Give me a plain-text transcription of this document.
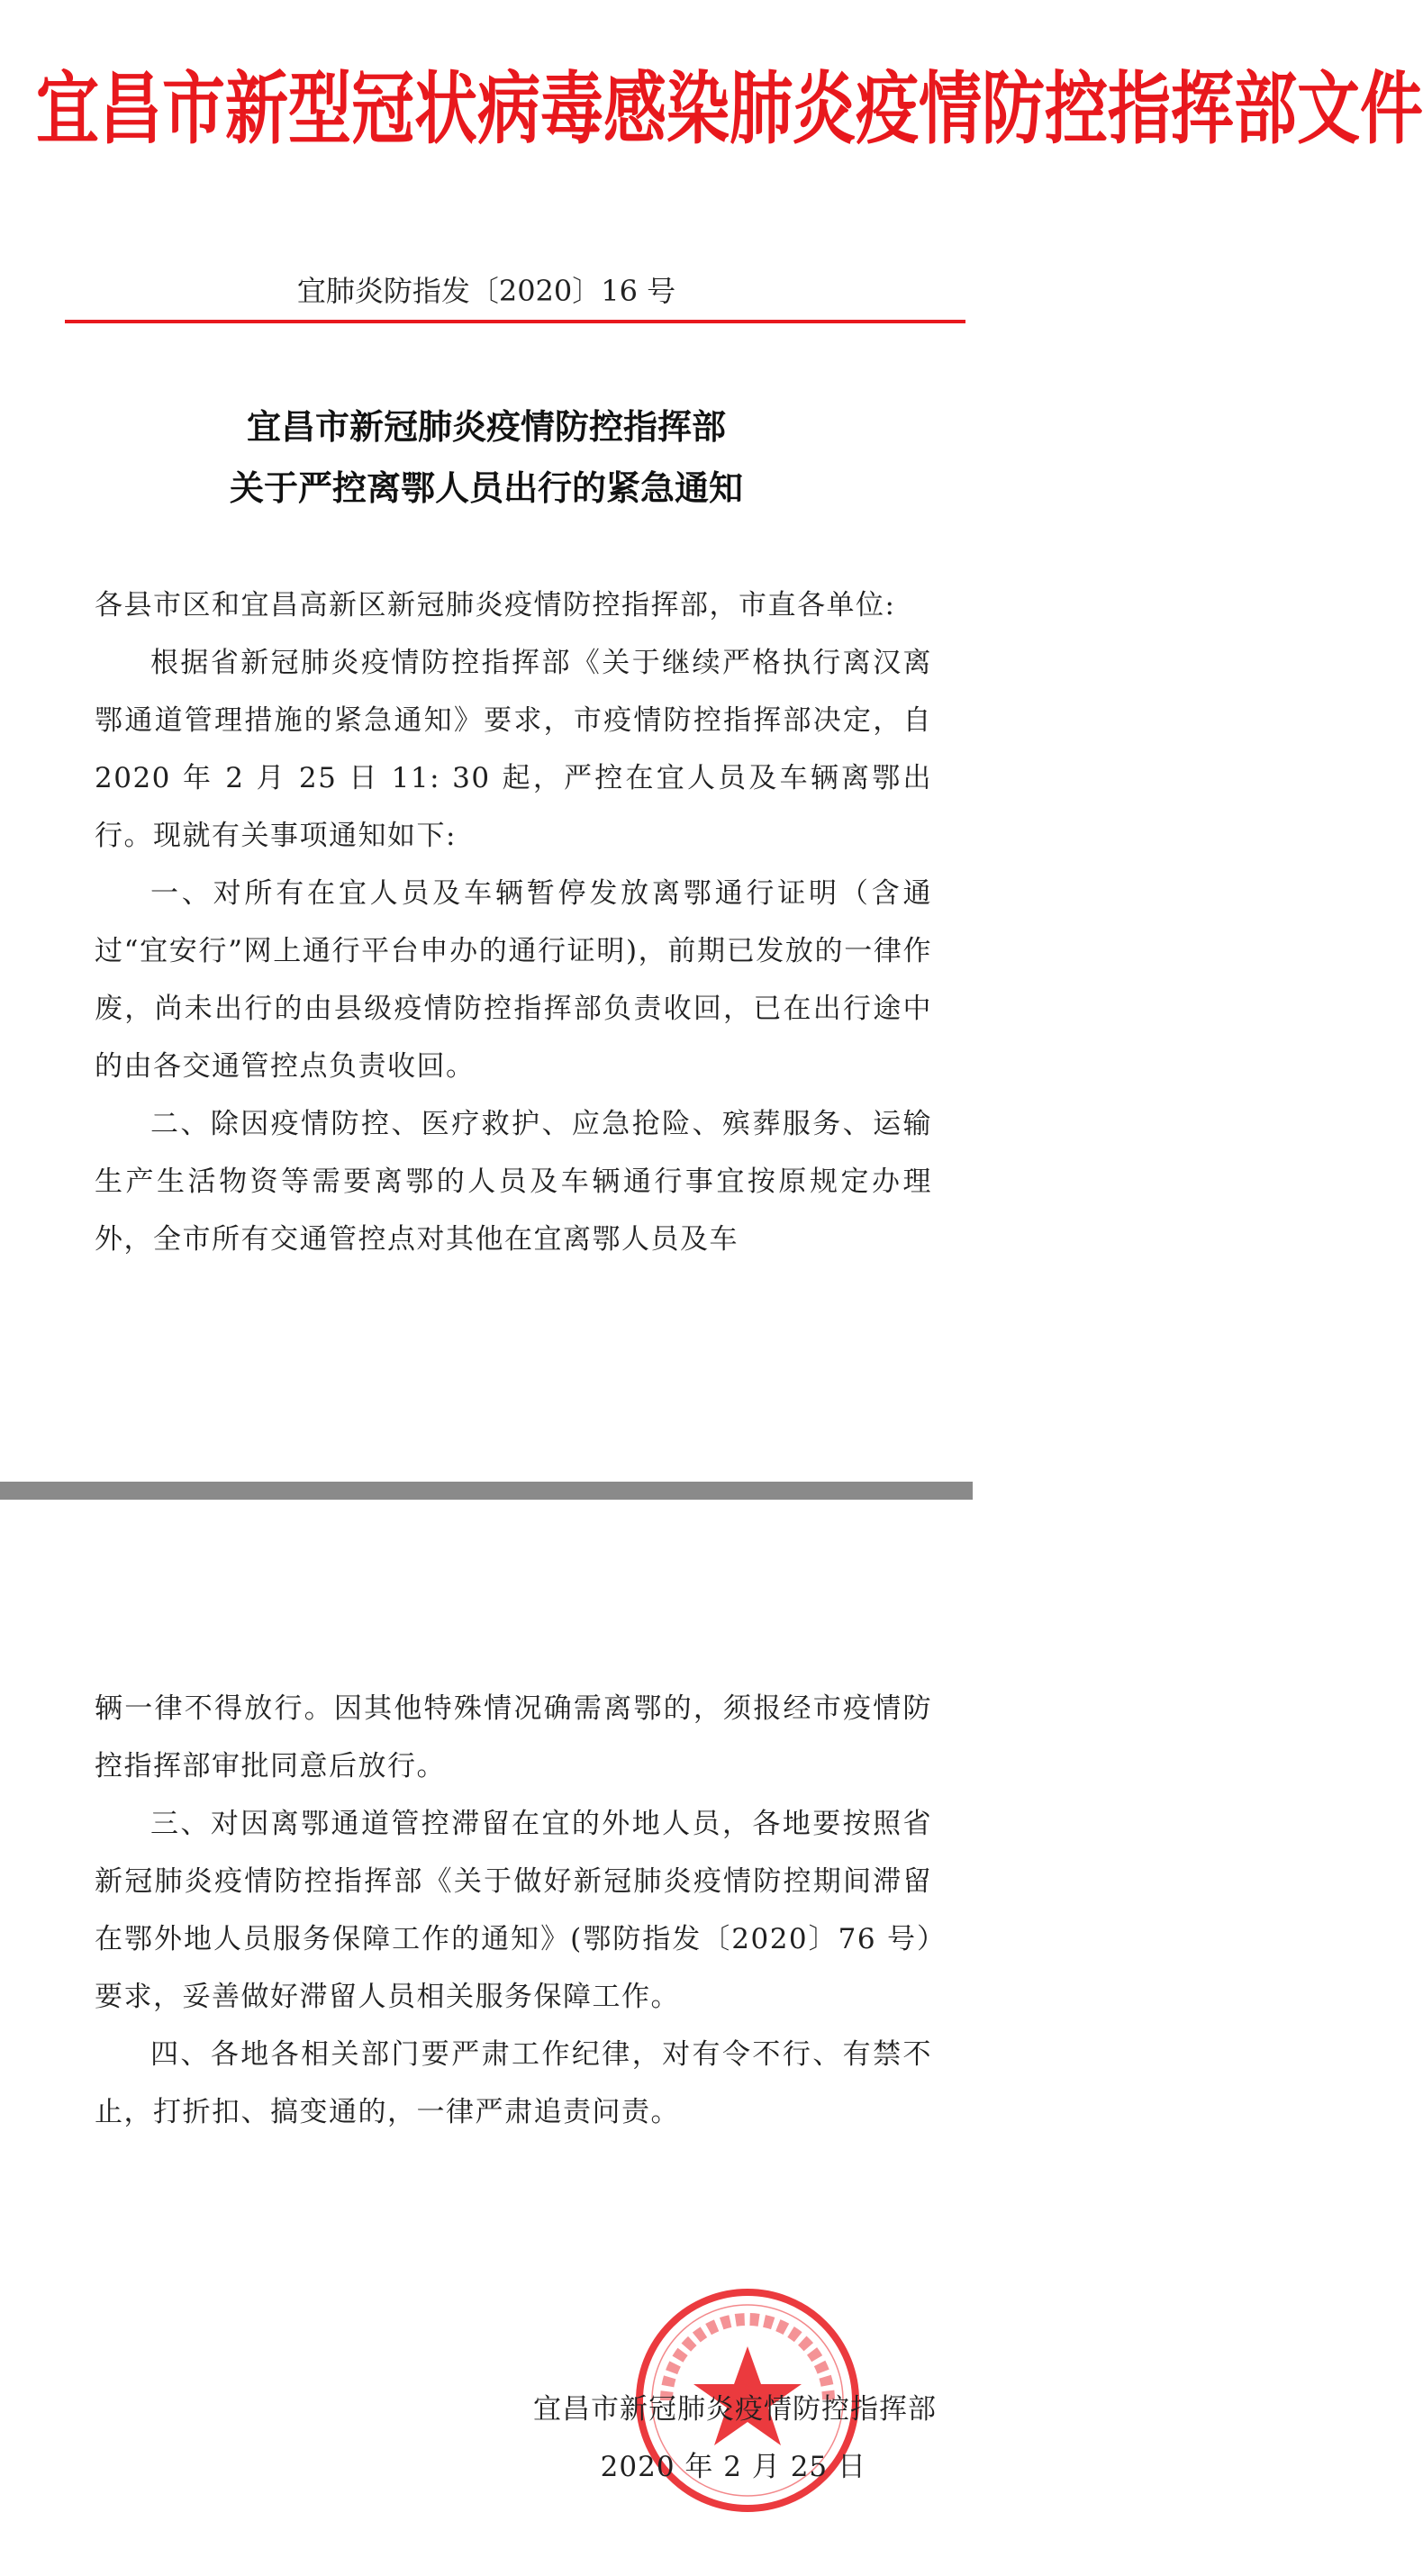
宜昌市新型冠状病毒感染肺炎疫情防控指挥部文件
宜肺炎防指发〔2020〕16 号
宜昌市新冠肺炎疫情防控指挥部
关于严控离鄂人员出行的紧急通知

各县市区和宜昌高新区新冠肺炎疫情防控指挥部，市直各单位:

根据省新冠肺炎疫情防控指挥部《关于继续严格执行离汉离鄂通道管理措施的紧急通知》要求，市疫情防控指挥部决定，自 2020 年 2 月 25 日 11: 30 起，严控在宜人员及车辆离鄂出行。现就有关事项通知如下:

一、对所有在宜人员及车辆暂停发放离鄂通行证明（含通过“宜安行”网上通行平台申办的通行证明)，前期已发放的一律作废，尚未出行的由县级疫情防控指挥部负责收回，已在出行途中的由各交通管控点负责收回。

二、除因疫情防控、医疗救护、应急抢险、殡葬服务、运输生产生活物资等需要离鄂的人员及车辆通行事宜按原规定办理外，全市所有交通管控点对其他在宜离鄂人员及车

辆一律不得放行。因其他特殊情况确需离鄂的，须报经市疫情防控指挥部审批同意后放行。

三、对因离鄂通道管控滞留在宜的外地人员，各地要按照省新冠肺炎疫情防控指挥部《关于做好新冠肺炎疫情防控期间滞留在鄂外地人员服务保障工作的通知》(鄂防指发〔2020〕76 号）要求，妥善做好滞留人员相关服务保障工作。

四、各地各相关部门要严肃工作纪律，对有令不行、有禁不止，打折扣、搞变通的，一律严肃追责问责。

宜昌市新冠肺炎疫情防控指挥部
2020 年 2 月 25 日
